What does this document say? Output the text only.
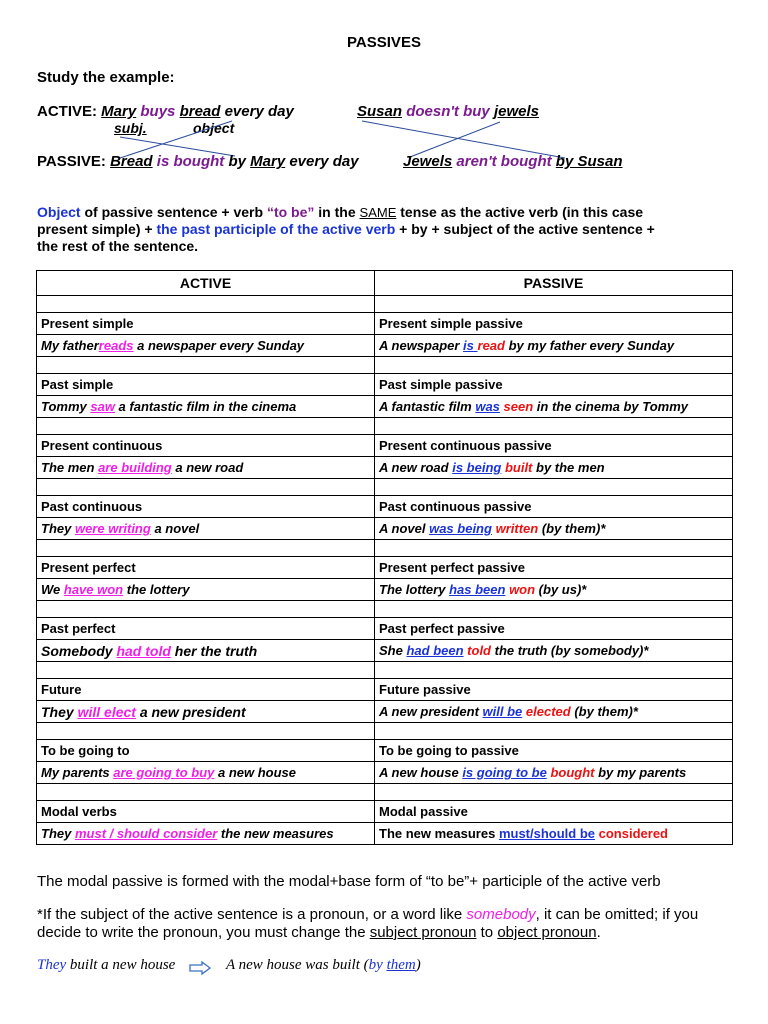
PASSIVES
Study the example:
ACTIVE: Mary buys bread every day	Susan doesn't buy jewels
subj.	object
PASSIVE: Bread is bought by Mary every day	Jewels aren't bought by Susan
Object of passive sentence + verb “to be” in the SAME tense as the active verb (in this case
present simple) + the past participle of the active verb + by + subject of the active sentence +
the rest of the sentence.
ACTIVE	PASSIVE

Present simple	Present simple passive
My fatherreads a newspaper every Sunday	A newspaper is read by my father every Sunday

Past simple	Past simple passive
Tommy saw a fantastic film in the cinema	A fantastic film was seen in the cinema by Tommy

Present continuous	Present continuous passive
The men are building a new road	A new road is being built by the men

Past continuous	Past continuous passive
They were writing a novel	A novel was being written (by them)*

Present perfect	Present perfect passive
We have won the lottery	The lottery has been won (by us)*

Past perfect	Past perfect passive
Somebody had told her the truth	She had been told the truth (by somebody)*

Future	Future passive
They will elect a new president	A new president will be elected (by them)*

To be going to	To be going to passive
My parents are going to buy a new house	A new house is going to be bought by my parents

Modal verbs	Modal passive
They must / should consider the new measures	The new measures must/should be considered
The modal passive is formed with the modal+base form of “to be”+ participle of the active verb
*If the subject of the active sentence is a pronoun, or a word like somebody, it can be omitted; if you
decide to write the pronoun, you must change the subject pronoun to object pronoun.
They built a new house	A new house was built (by them)
